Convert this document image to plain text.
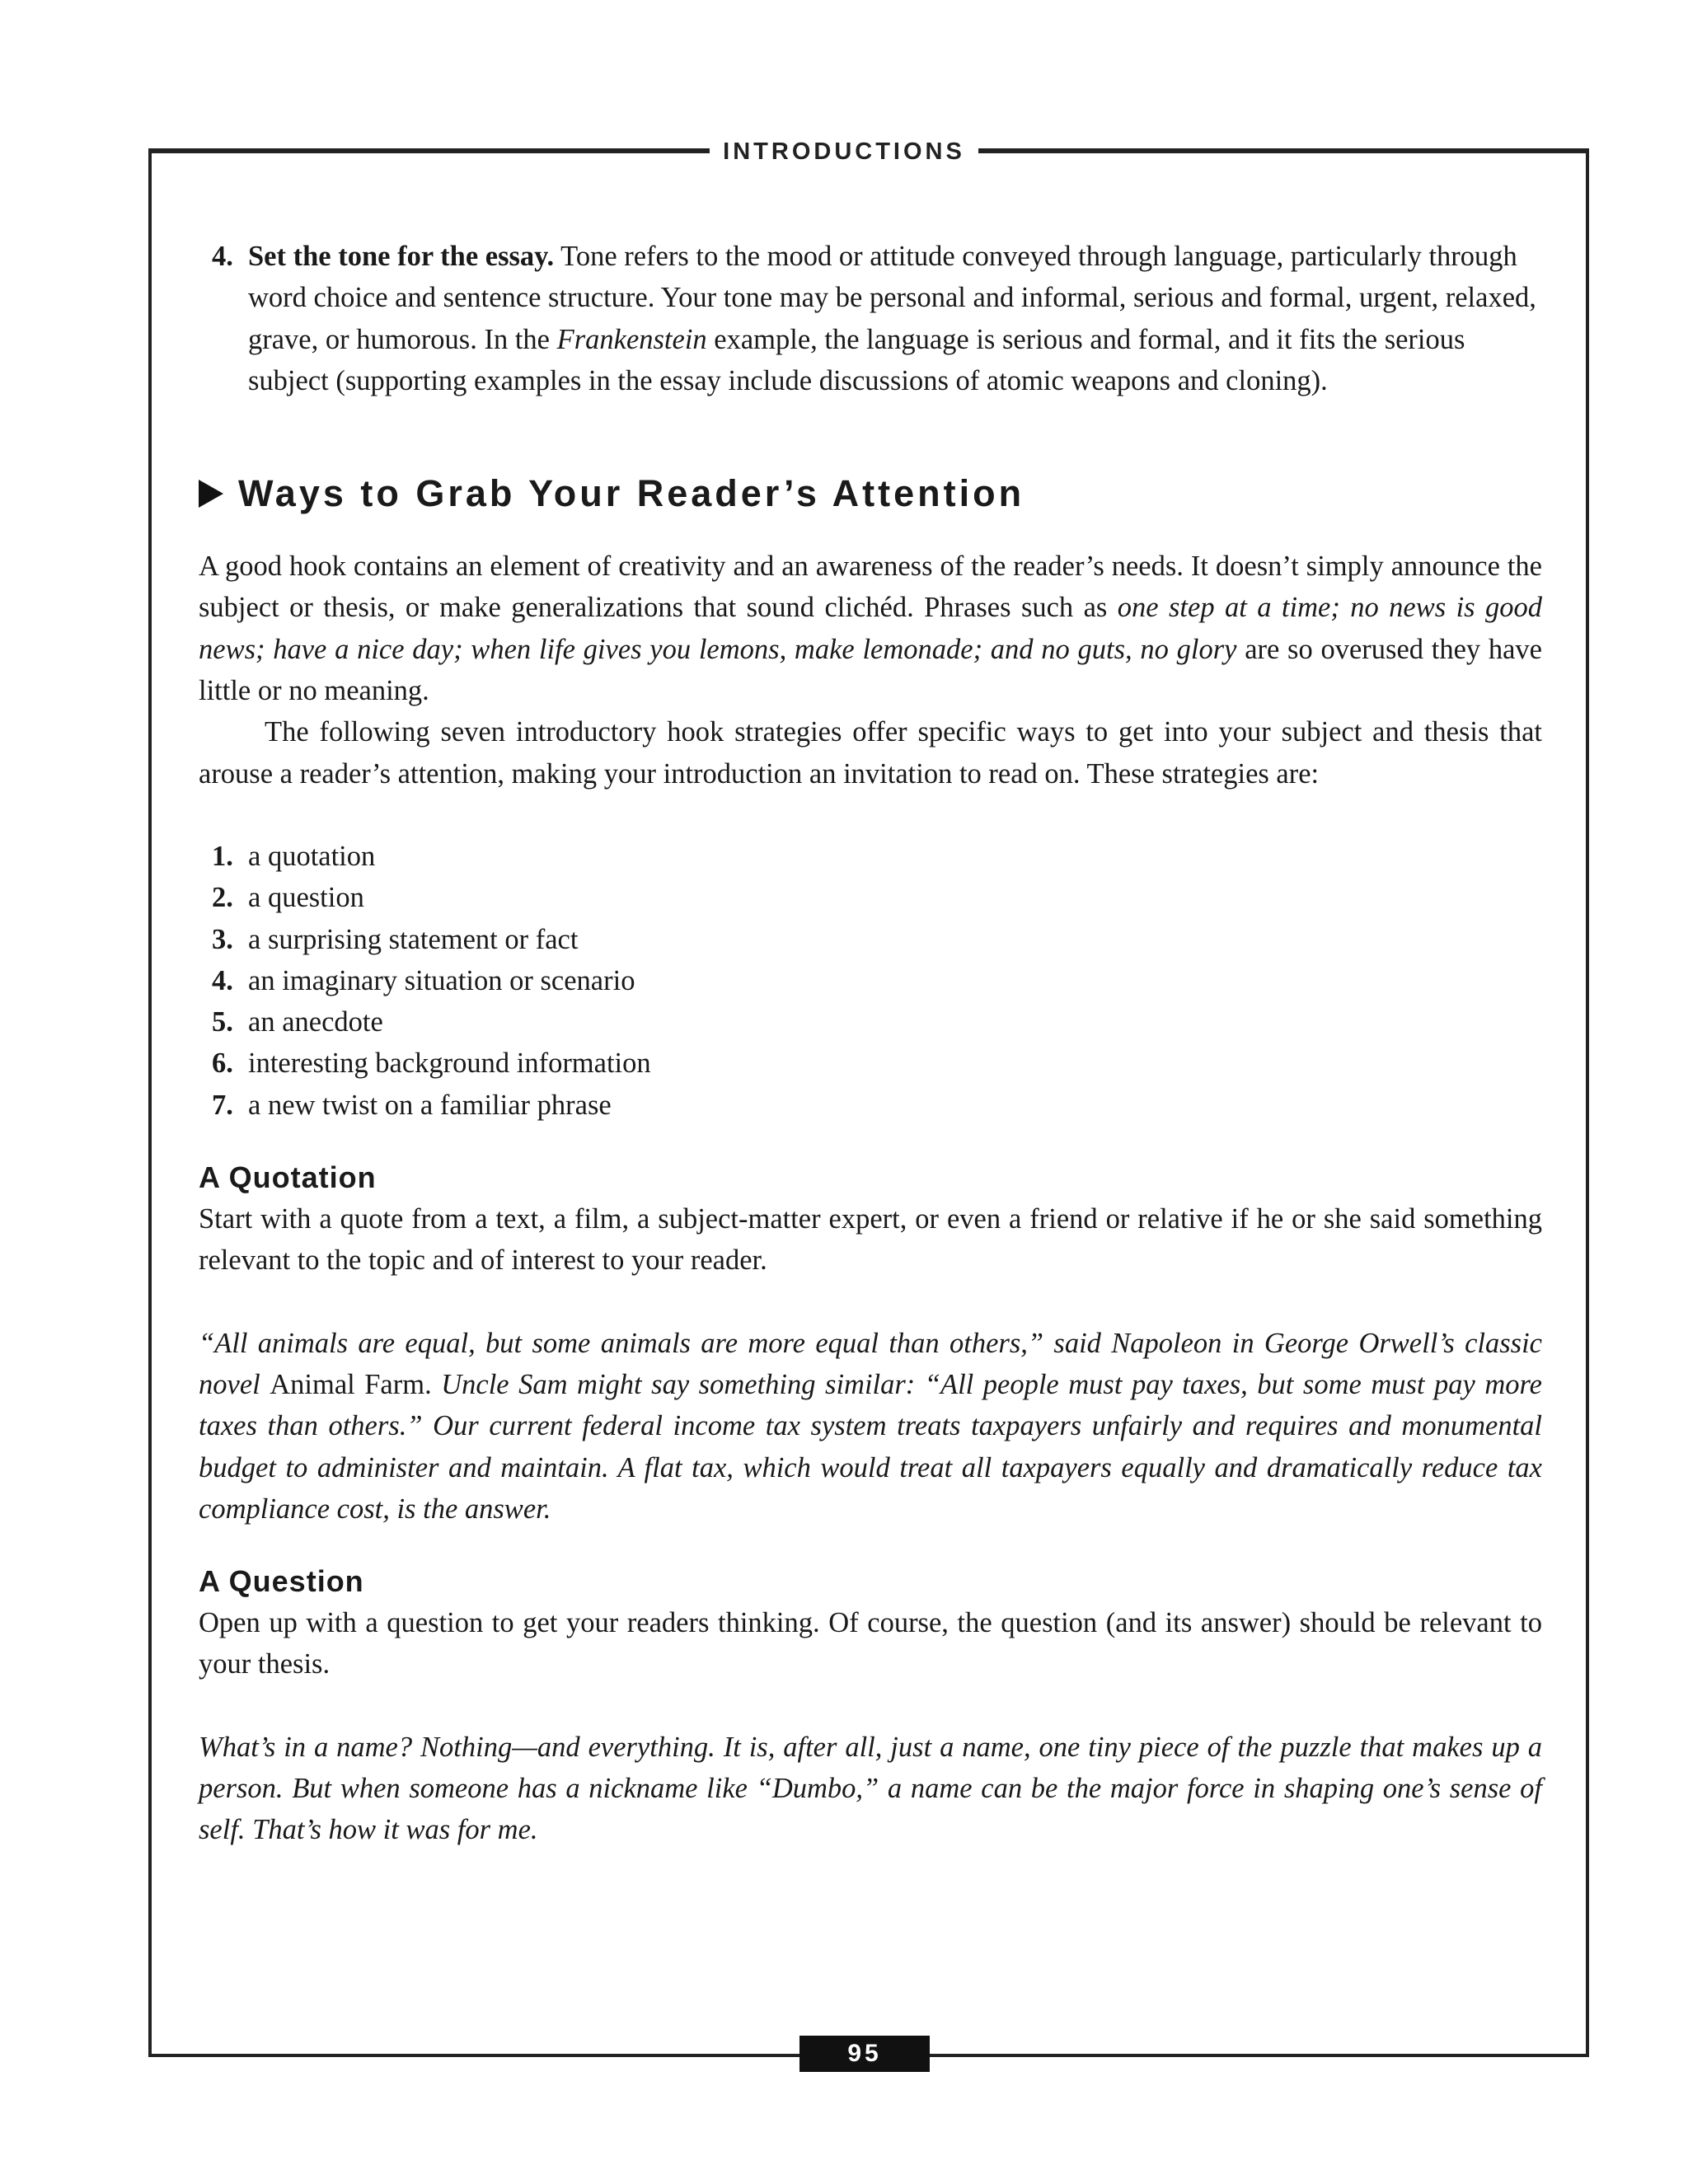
INTRODUCTIONS

4. Set the tone for the essay. Tone refers to the mood or attitude conveyed through language, particularly through word choice and sentence structure. Your tone may be personal and informal, serious and formal, urgent, relaxed, grave, or humorous. In the Frankenstein example, the language is serious and formal, and it fits the serious subject (supporting examples in the essay include discussions of atomic weapons and cloning).

Ways to Grab Your Reader’s Attention

A good hook contains an element of creativity and an awareness of the reader’s needs. It doesn’t simply announce the subject or thesis, or make generalizations that sound clichéd. Phrases such as one step at a time; no news is good news; have a nice day; when life gives you lemons, make lemonade; and no guts, no glory are so overused they have little or no meaning.

The following seven introductory hook strategies offer specific ways to get into your subject and thesis that arouse a reader’s attention, making your introduction an invitation to read on. These strategies are:

1. a quotation
2. a question
3. a surprising statement or fact
4. an imaginary situation or scenario
5. an anecdote
6. interesting background information
7. a new twist on a familiar phrase
A Quotation

Start with a quote from a text, a film, a subject-matter expert, or even a friend or relative if he or she said something relevant to the topic and of interest to your reader.

“All animals are equal, but some animals are more equal than others,” said Napoleon in George Orwell’s classic novel Animal Farm. Uncle Sam might say something similar: “All people must pay taxes, but some must pay more taxes than others.” Our current federal income tax system treats taxpayers unfairly and requires and monumental budget to administer and maintain. A flat tax, which would treat all taxpayers equally and dramatically reduce tax compliance cost, is the answer.

A Question

Open up with a question to get your readers thinking. Of course, the question (and its answer) should be relevant to your thesis.

What’s in a name? Nothing—and everything. It is, after all, just a name, one tiny piece of the puzzle that makes up a person. But when someone has a nickname like “Dumbo,” a name can be the major force in shaping one’s sense of self. That’s how it was for me.

95
